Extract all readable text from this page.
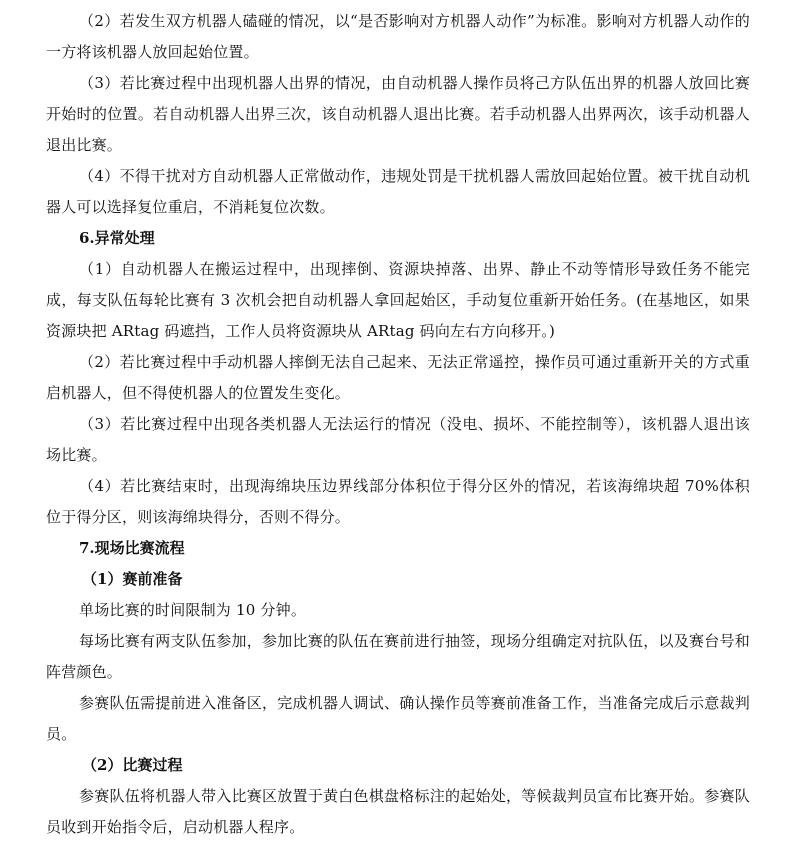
（2）若发生双方机器人磕碰的情况，以“是否影响对方机器人动作”为标准。影响对方机器人动作的一方将该机器人放回起始位置。

（3）若比赛过程中出现机器人出界的情况，由自动机器人操作员将己方队伍出界的机器人放回比赛开始时的位置。若自动机器人出界三次，该自动机器人退出比赛。若手动机器人出界两次，该手动机器人退出比赛。

（4）不得干扰对方自动机器人正常做动作，违规处罚是干扰机器人需放回起始位置。被干扰自动机器人可以选择复位重启，不消耗复位次数。

6.异常处理

（1）自动机器人在搬运过程中，出现摔倒、资源块掉落、出界、静止不动等情形导致任务不能完成，每支队伍每轮比赛有 3 次机会把自动机器人拿回起始区，手动复位重新开始任务。(在基地区，如果资源块把 ARtag 码遮挡，工作人员将资源块从 ARtag 码向左右方向移开。)

（2）若比赛过程中手动机器人摔倒无法自己起来、无法正常遥控，操作员可通过重新开关的方式重启机器人，但不得使机器人的位置发生变化。

（3）若比赛过程中出现各类机器人无法运行的情况（没电、损坏、不能控制等），该机器人退出该场比赛。

（4）若比赛结束时，出现海绵块压边界线部分体积位于得分区外的情况，若该海绵块超 70%体积位于得分区，则该海绵块得分，否则不得分。

7.现场比赛流程

（1）赛前准备

单场比赛的时间限制为 10 分钟。

每场比赛有两支队伍参加，参加比赛的队伍在赛前进行抽签，现场分组确定对抗队伍，以及赛台号和阵营颜色。

参赛队伍需提前进入准备区，完成机器人调试、确认操作员等赛前准备工作，当准备完成后示意裁判员。

（2）比赛过程

参赛队伍将机器人带入比赛区放置于黄白色棋盘格标注的起始处，等候裁判员宣布比赛开始。参赛队员收到开始指令后，启动机器人程序。
